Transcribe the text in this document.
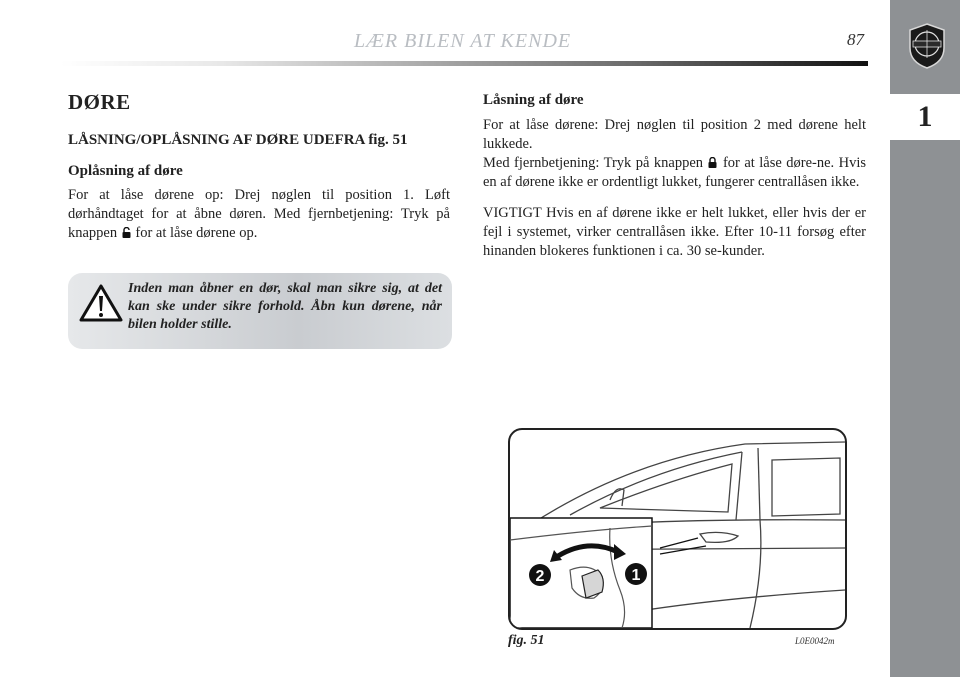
LÆR BILEN AT KENDE	87
1
DØRE
LÅSNING/OPLÅSNING AF DØRE UDEFRA fig. 51
Oplåsning af døre
For at låse dørene op: Drej nøglen til position 1. Løft dørhåndtaget for at åbne døren. Med fjernbetjening: Tryk på knappen for at låse dørene op.
Inden man åbner en dør, skal man sikre sig, at det kan ske under sikre forhold. Åbn kun dørene, når bilen holder stille.
Låsning af døre

For at låse dørene: Drej nøglen til position 2 med dørene helt lukkede.

Med fjernbetjening: Tryk på knappen for at låse døre-ne. Hvis en af dørene ikke er ordentligt lukket, fungerer centrallåsen ikke.

VIGTIGT Hvis en af dørene ikke er helt lukket, eller hvis der er fejl i systemet, virker centrallåsen ikke. Efter 10-11 forsøg efter hinanden blokeres funktionen i ca. 30 se-kunder.

2	1
fig. 51	L0E0042m
